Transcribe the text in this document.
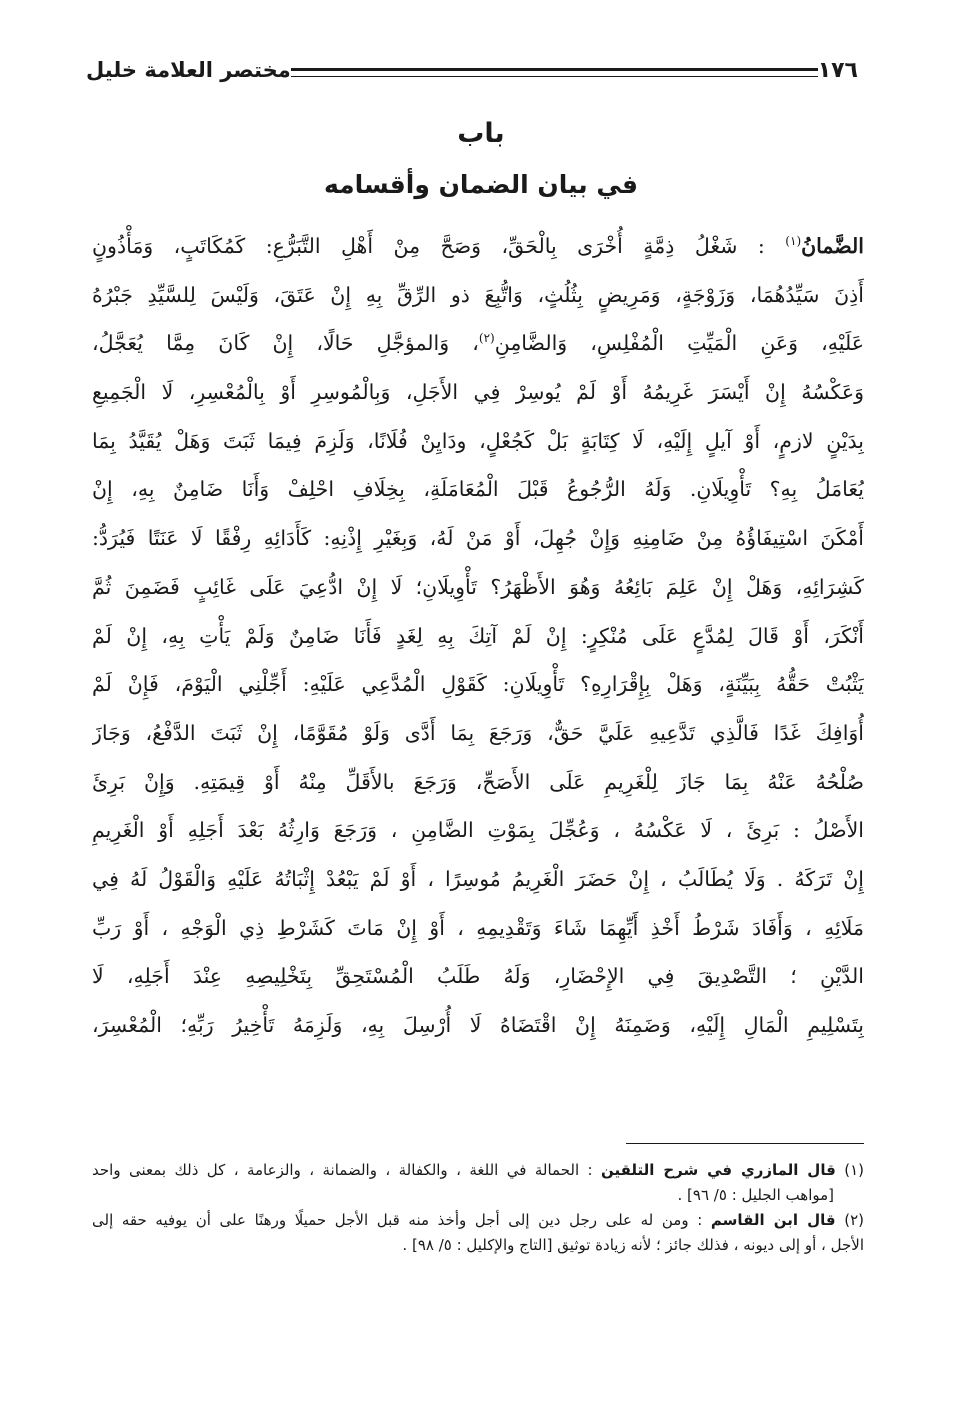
١٧٦
مختصر العلامة خليل
باب
في بيان الضمان وأقسامه
الضَّمانُ$^{(١)}$ : شَغْلُ ذِمَّةٍ أُخْرَى بِالْحَقِّ، وَصَحَّ مِنْ أَهْلِ التَّبَرُّعِ: كَمُكَاتَبٍ، وَمَأْذُونٍ
أَذِنَ سَيِّدُهُمَا، وَزَوْجَةٍ، وَمَرِيضٍ بِثُلُثٍ، وَاتُّبِعَ ذو الرِّقِّ بِهِ إِنْ عَتَقَ، وَلَيْسَ لِلسَّيِّدِ جَبْرُهُ
عَلَيْهِ، وَعَنِ الْمَيِّتِ الْمُفْلِسِ، وَالضَّامِنِ$^{(٢)}$، وَالمؤجَّلِ حَالًا، إِنْ كَانَ مِمَّا يُعَجَّلُ،
وَعَكْسُهُ إِنْ أَيْسَرَ غَرِيمُهُ أَوْ لَمْ يُوسِرْ فِي الأَجَلِ، وَبِالْمُوسِرِ أَوْ بِالْمُعْسِرِ، لَا الْجَمِيعِ
بِدَيْنٍ لازمٍ، أَوْ آيلٍ إِلَيْهِ، لَا كِتَابَةٍ بَلْ كَجُعْلٍ، ودَايِنْ فُلَانًا، وَلَزِمَ فِيمَا ثَبَتَ وَهَلْ يُقَيَّدُ بِمَا
يُعَامَلُ بِهِ؟ تَأْوِيلَانِ. وَلَهُ الرُّجُوعُ قَبْلَ الْمُعَامَلَةِ، بِخِلَافِ احْلِفْ وَأَنَا ضَامِنٌ بِهِ، إِنْ
أَمْكَنَ اسْتِيفَاؤُهُ مِنْ ضَامِنِهِ وَإِنْ جُهِلَ، أَوْ مَنْ لَهُ، وَبِغَيْرِ إِذْنِهِ: كَأَدَائِهِ رِفْقًا لَا عَنَتًا فَيُرَدُّ:
كَشِرَائِهِ، وَهَلْ إِنْ عَلِمَ بَائِعُهُ وَهُوَ الأَظْهَرُ؟ تَأْوِيلَانِ؛ لَا إِنْ ادُّعِيَ عَلَى غَائِبٍ فَضَمِنَ ثُمَّ
أَنْكَرَ، أَوْ قَالَ لِمُدَّعٍ عَلَى مُنْكِرٍ: إِنْ لَمْ آتِكَ بِهِ لِغَدٍ فَأَنَا ضَامِنٌ وَلَمْ يَأْتِ بِهِ، إِنْ لَمْ
يَثْبُتْ حَقُّهُ بِبَيِّنَةٍ، وَهَلْ بِإِقْرَارِهِ؟ تَأْوِيلَانِ: كَقَوْلِ الْمُدَّعِي عَلَيْهِ: أَجِّلْنِي الْيَوْمَ، فَإِنْ لَمْ
أُوَافِكَ غَدًا فَالَّذِي تَدَّعِيهِ عَلَيَّ حَقٌّ، وَرَجَعَ بِمَا أَدَّى وَلَوْ مُقَوَّمًا، إِنْ ثَبَتَ الدَّفْعُ، وَجَازَ
صُلْحُهُ عَنْهُ بِمَا جَازَ لِلْغَرِيمِ عَلَى الأَصَحِّ، وَرَجَعَ بالأَقَلِّ مِنْهُ أَوْ قِيمَتِهِ. وَإِنْ بَرِئَ
الأَصْلُ : بَرِئَ ، لَا عَكْسُهُ ، وَعُجِّلَ بِمَوْتِ الضَّامِنِ ، وَرَجَعَ وَارِثُهُ بَعْدَ أَجَلِهِ أَوْ الْغَرِيمِ
إِنْ تَرَكَهُ . وَلَا يُطَالَبُ ، إِنْ حَضَرَ الْغَرِيمُ مُوسِرًا ، أَوْ لَمْ يَبْعُدْ إِثْبَاتُهُ عَلَيْهِ وَالْقَوْلُ لَهُ فِي
مَلَائِهِ ، وَأَفَادَ شَرْطُ أَخْذِ أَيِّهِمَا شَاءَ وَتَقْدِيمِهِ ، أَوْ إِنْ مَاتَ كَشَرْطِ ذِي الْوَجْهِ ، أَوْ رَبِّ
الدَّيْنِ ؛ التَّصْدِيقَ فِي الإِحْضَارِ، وَلَهُ طَلَبُ الْمُسْتَحِقِّ بِتَخْلِيصِهِ عِنْدَ أَجَلِهِ، لَا
بِتَسْلِيمِ الْمَالِ إِلَيْهِ، وَضَمِنَهُ إِنْ اقْتَضَاهُ لَا أُرْسِلَ بِهِ، وَلَزِمَهُ تَأْخِيرُ رَبِّهِ؛ الْمُعْسِرَ،
(١) قال المازري في شرح التلقين : الحمالة في اللغة ، والكفالة ، والضمانة ، والزعامة ، كل ذلك بمعنى واحد
[مواهب الجليل : ٥/ ٩٦] .
(٢) قال ابن القاسم : ومن له على رجل دين إلى أجل وأخذ منه قبل الأجل حميلًا ورهنًا على أن يوفيه حقه إلى
الأجل ، أو إلى ديونه ، فذلك جائز ؛ لأنه زيادة توثيق [التاج والإكليل : ٥/ ٩٨] .
